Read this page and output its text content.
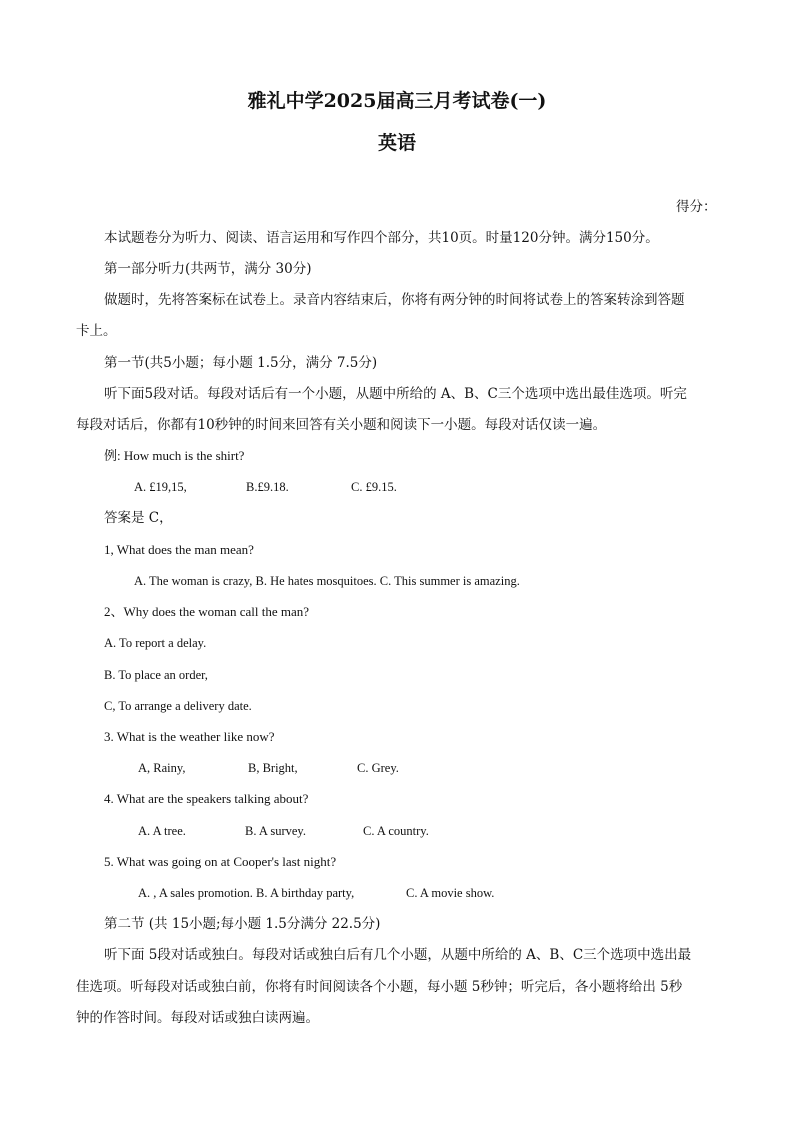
雅礼中学2025届高三月考试卷(一)
英语
得分：
本试题卷分为听力、阅读、语言运用和写作四个部分，共10页。时量120分钟。满分150分。
第一部分听力(共两节，满分 30分)
做题时，先将答案标在试卷上。录音内容结束后，你将有两分钟的时间将试卷上的答案转涂到答题
卡上。
第一节(共5小题；每小题 1.5分，满分 7.5分)
听下面5段对话。每段对话后有一个小题，从题中所给的 A、B、C三个选项中选出最佳选项。听完
每段对话后，你都有10秒钟的时间来回答有关小题和阅读下一小题。每段对话仅读一遍。
例: How much is the shirt?
A. £19,15,	B.£9.18.	C. £9.15.
答案是 C，
1, What does the man mean?
A. The woman is crazy, B. He hates mosquitoes. C. This summer is amazing.
2、Why does the woman call the man?
A. To report a delay.
B. To place an order,
C, To arrange a delivery date.
3. What is the weather like now?
A, Rainy,	B, Bright,	C. Grey.
4. What are the speakers talking about?
A. A tree.	B. A survey.	C. A country.
5. What was going on at Cooper's last night?
A. , A sales promotion. B. A birthday party,	C. A movie show.
第二节 (共 15小题;每小题 1.5分满分 22.5分)
听下面 5段对话或独白。每段对话或独白后有几个小题，从题中所给的 A、B、C三个选项中选出最
佳选项。听每段对话或独白前，你将有时间阅读各个小题，每小题 5秒钟；听完后，各小题将给出 5秒
钟的作答时间。每段对话或独白读两遍。
